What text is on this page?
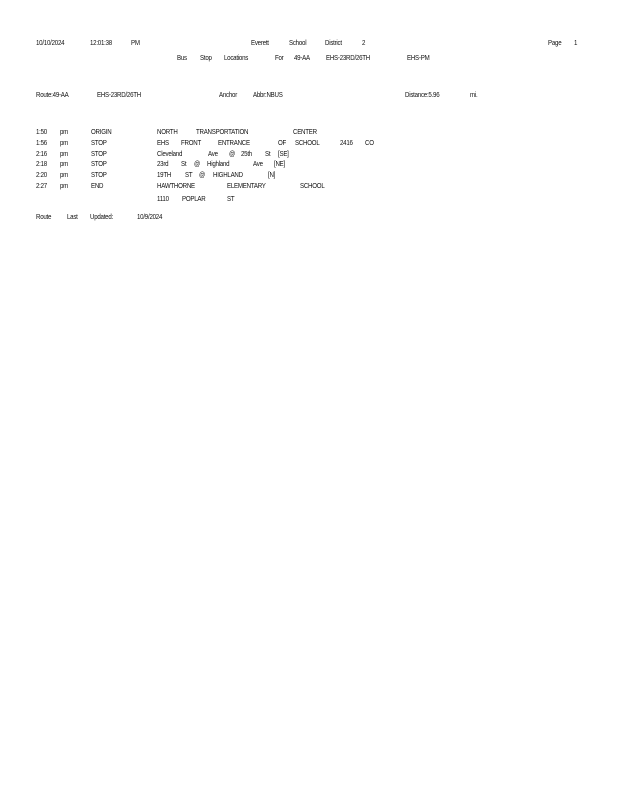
10/10/2024	12:01:38	PM	Everett	School District	2	Page 1
Bus Stop Locations	For 49-AA EHS-23RD/26TH	EHS-PM
Route:49-AA	EHS-23RD/26TH	Anchor Abbr:NBUS	Distance:5.96	mi.
1:50 pm	ORIGIN	NORTH TRANSPORTATION	CENTER
1:56 pm	STOP	EHS FRONT ENTRANCE	OF SCHOOL	2416 CO
2:16 pm	STOP	Cleveland	Ave @ 25th St [SE]
2:18 pm	STOP	23rd St @ Highland	Ave [NE]
2:20 pm	STOP	19TH ST @ HIGHLAND	[N]
2:27 pm	END	HAWTHORNE	ELEMENTARY	SCHOOL
1110 POPLAR	ST
Route Last Updated:	10/9/2024
